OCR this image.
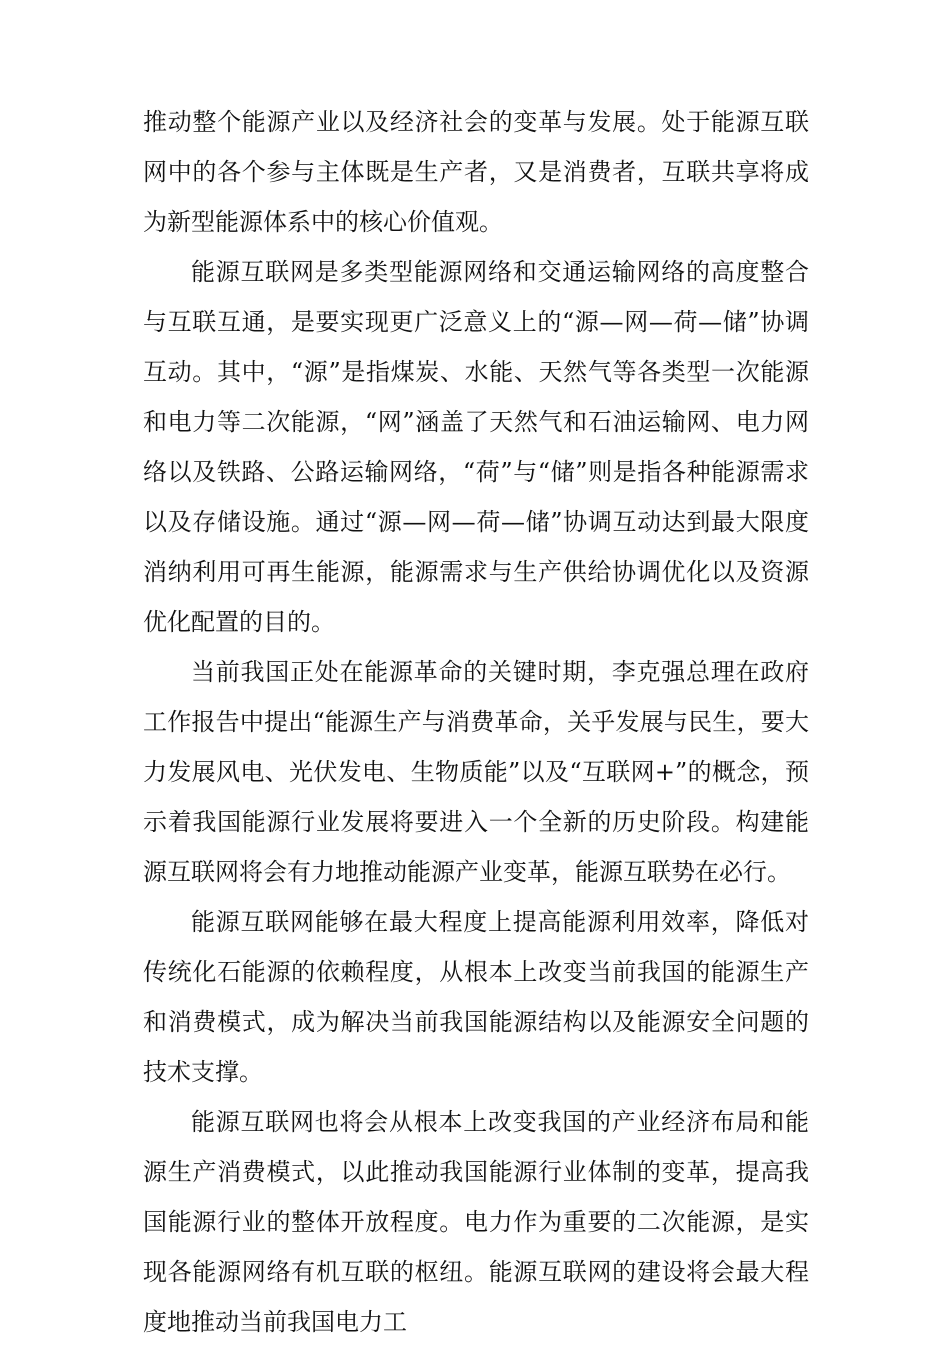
推动整个能源产业以及经济社会的变革与发展。处于能源互联网中的各个参与主体既是生产者，又是消费者，互联共享将成为新型能源体系中的核心价值观。

能源互联网是多类型能源网络和交通运输网络的高度整合与互联互通，是要实现更广泛意义上的“源—网—荷—储”协调互动。其中，“源”是指煤炭、水能、天然气等各类型一次能源和电力等二次能源，“网”涵盖了天然气和石油运输网、电力网络以及铁路、公路运输网络，“荷”与“储”则是指各种能源需求以及存储设施。通过“源—网—荷—储”协调互动达到最大限度消纳利用可再生能源，能源需求与生产供给协调优化以及资源优化配置的目的。

当前我国正处在能源革命的关键时期，李克强总理在政府工作报告中提出“能源生产与消费革命，关乎发展与民生，要大力发展风电、光伏发电、生物质能”以及“互联网+”的概念，预示着我国能源行业发展将要进入一个全新的历史阶段。构建能源互联网将会有力地推动能源产业变革，能源互联势在必行。

能源互联网能够在最大程度上提高能源利用效率，降低对传统化石能源的依赖程度，从根本上改变当前我国的能源生产和消费模式，成为解决当前我国能源结构以及能源安全问题的技术支撑。

能源互联网也将会从根本上改变我国的产业经济布局和能源生产消费模式，以此推动我国能源行业体制的变革，提高我国能源行业的整体开放程度。电力作为重要的二次能源，是实现各能源网络有机互联的枢纽。能源互联网的建设将会最大程度地推动当前我国电力工
